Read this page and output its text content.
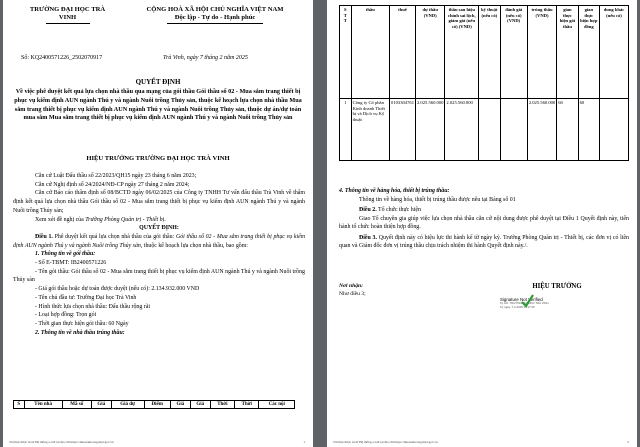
TRƯỜNG ĐẠI HỌC TRÀ
VINH
CỘNG HOÀ XÃ HỘI CHỦ NGHĨA VIỆT NAM
Độc lập - Tự do - Hạnh phúc
Số: KQ2400571226_2502070917	Trà Vinh, ngày 7 tháng 2 năm 2025
QUYẾT ĐỊNH
Về việc phê duyệt kết quả lựa chọn nhà thầu qua mạng của gói thầu Gói thầu số 02 - Mua sắm trang thiết bị phục vụ kiểm định AUN ngành Thú y và ngành Nuôi trồng Thủy sản, thuộc kế hoạch lựa chọn nhà thầu Mua sắm trang thiết bị phục vụ kiểm định AUN ngành Thú y và ngành Nuôi trồng Thủy sản, thuộc dự án/dự toán mua sắm Mua sắm trang thiết bị phục vụ kiểm định AUN ngành Thú y và ngành Nuôi trồng Thủy sản
HIỆU TRƯỞNG TRƯỜNG ĐẠI HỌC TRÀ VINH

Căn cứ Luật Đấu thầu số 22/2023/QH15 ngày 23 tháng 6 năm 2023;

Căn cứ Nghị định số 24/2024/NĐ-CP ngày 27 tháng 2 năm 2024;

Căn cứ Báo cáo thẩm định số 08/BCTD ngày 06/02/2025 của Công ty TNHH Tư vấn đấu thầu Trà Vinh về thẩm định kết quả lựa chọn nhà thầu Gói thầu số 02 - Mua sắm trang thiết bị phục vụ kiểm định AUN ngành Thú y và ngành Nuôi trồng Thủy sản;

Xem xét đề nghị của Trưởng Phòng Quản trị - Thiết bị.

QUYẾT ĐỊNH:

Điều 1. Phê duyệt kết quả lựa chọn nhà thầu của gói thầu: Gói thầu số 02 - Mua sắm trang thiết bị phục vụ kiểm định AUN ngành Thú y và ngành Nuôi trồng Thủy sản, thuộc kế hoạch lựa chọn nhà thầu, bao gồm:

1. Thông tin về gói thầu:

- Số E-TBMT: IB2400571226

- Tên gói thầu: Gói thầu số 02 - Mua sắm trang thiết bị phục vụ kiểm định AUN ngành Thú y và ngành Nuôi trồng Thủy sản

- Giá gói thầu hoặc dự toán được duyệt (nếu có): 2.134.932.000 VND

- Tên chủ đầu tư: Trường Đại học Trà Vinh

- Hình thức lựa chọn nhà thầu: Đấu thầu rộng rãi

- Loại hợp đồng: Trọn gói

- Thời gian thực hiện gói thầu: 60 Ngày

2. Thông tin về nhà thầu trúng thầu:

S	Tên nhà	Mã số	Giá	Giá dự	Điểm	Giá	Giá	Thời	Thời	Các nội
Tài liệu được in từ Hệ thống e-GP tại địa chỉ https://muasamcong.mpi.gov.vn	1
S
T
T	thầu	thuế	dự thầu (VND)	thầu sau hiệu chỉnh sai lệch, giảm giá (nếu có) (VND)	kỹ thuật (nếu có)	đánh giá (nếu có) (VND)	trúng thầu (VND)	gian thực hiện gói thầu	gian thực hiện hợp đồng	dung khác (nếu có)
1	Công ty Cổ phần Kinh doanh Thiết bị và Dịch vụ Kỹ thuật	0103304761	2.025.560.000	2.025.560.000			2.025.560.000	60	60	

4. Thông tin về hàng hóa, thiết bị trúng thầu:

Thông tin về hàng hóa, thiết bị trúng thầu được nêu tại Bảng số 01

Điều 2. Tổ chức thực hiện

Giao Tổ chuyên gia giúp việc lựa chọn nhà thầu căn cứ nội dung được phê duyệt tại Điều 1 Quyết định này, tiến hành tổ chức hoàn thiện hợp đồng.

Điều 3. Quyết định này có hiệu lực thi hành kể từ ngày ký. Trưởng Phòng Quản trị - Thiết bị, các đơn vị có liên quan và Giám đốc đơn vị trúng thầu chịu trách nhiệm thi hành Quyết định này./.

Nơi nhận:
Như điều 3;
HIỆU TRƯỞNG
Signature Not Verified
Ký bởi: TRƯỜNG ĐẠI HỌC TRÀ VINH
Ký ngày: 7-2-2025 09:17:36
Tài liệu được in từ Hệ thống e-GP tại địa chỉ https://muasamcong.mpi.gov.vn	2
